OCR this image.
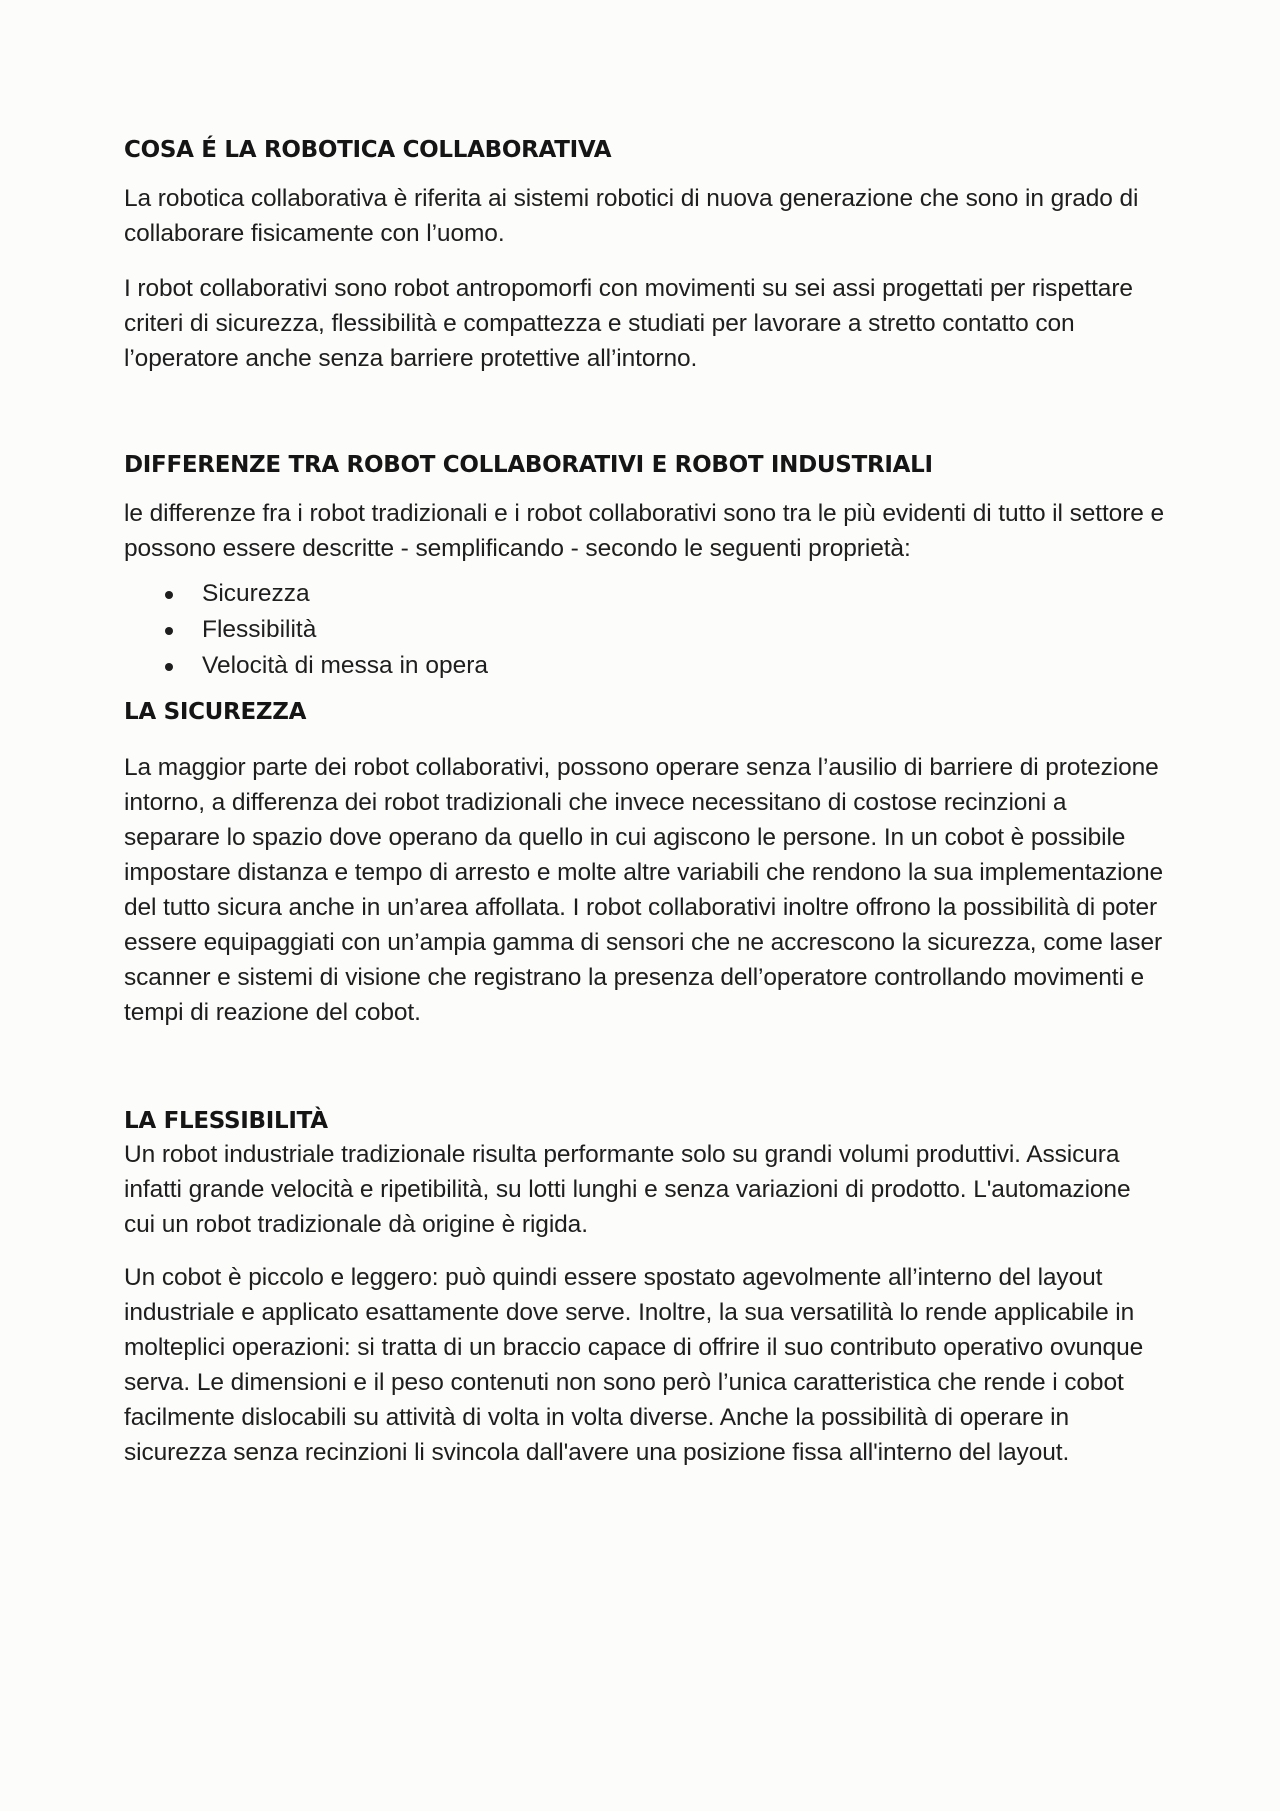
COSA É LA ROBOTICA COLLABORATIVA

La robotica collaborativa è riferita ai sistemi robotici di nuova generazione che sono in grado di collaborare fisicamente con l’uomo.

I robot collaborativi sono robot antropomorfi con movimenti su sei assi progettati per rispettare criteri di sicurezza, flessibilità e compattezza e studiati per lavorare a stretto contatto con l’operatore anche senza barriere protettive all’intorno.

DIFFERENZE TRA ROBOT COLLABORATIVI E ROBOT INDUSTRIALI

le differenze fra i robot tradizionali e i robot collaborativi sono tra le più evidenti di tutto il settore e possono essere descritte - semplificando - secondo le seguenti proprietà:

Sicurezza
Flessibilità
Velocità di messa in opera
LA SICUREZZA

La maggior parte dei robot collaborativi, possono operare senza l’ausilio di barriere di protezione intorno, a differenza dei robot tradizionali che invece necessitano di costose recinzioni a separare lo spazio dove operano da quello in cui agiscono le persone. In un cobot è possibile impostare distanza e tempo di arresto e molte altre variabili che rendono la sua implementazione del tutto sicura anche in un’area affollata. I robot collaborativi inoltre offrono la possibilità di poter essere equipaggiati con un’ampia gamma di sensori che ne accrescono la sicurezza, come laser scanner e sistemi di visione che registrano la presenza dell’operatore controllando movimenti e tempi di reazione del cobot.

LA FLESSIBILITÀ

Un robot industriale tradizionale risulta performante solo su grandi volumi produttivi. Assicura infatti grande velocità e ripetibilità, su lotti lunghi e senza variazioni di prodotto. L'automazione cui un robot tradizionale dà origine è rigida.

Un cobot è piccolo e leggero: può quindi essere spostato agevolmente all’interno del layout industriale e applicato esattamente dove serve. Inoltre, la sua versatilità lo rende applicabile in molteplici operazioni: si tratta di un braccio capace di offrire il suo contributo operativo ovunque serva. Le dimensioni e il peso contenuti non sono però l’unica caratteristica che rende i cobot facilmente dislocabili su attività di volta in volta diverse. Anche la possibilità di operare in sicurezza senza recinzioni li svincola dall'avere una posizione fissa all'interno del layout.
